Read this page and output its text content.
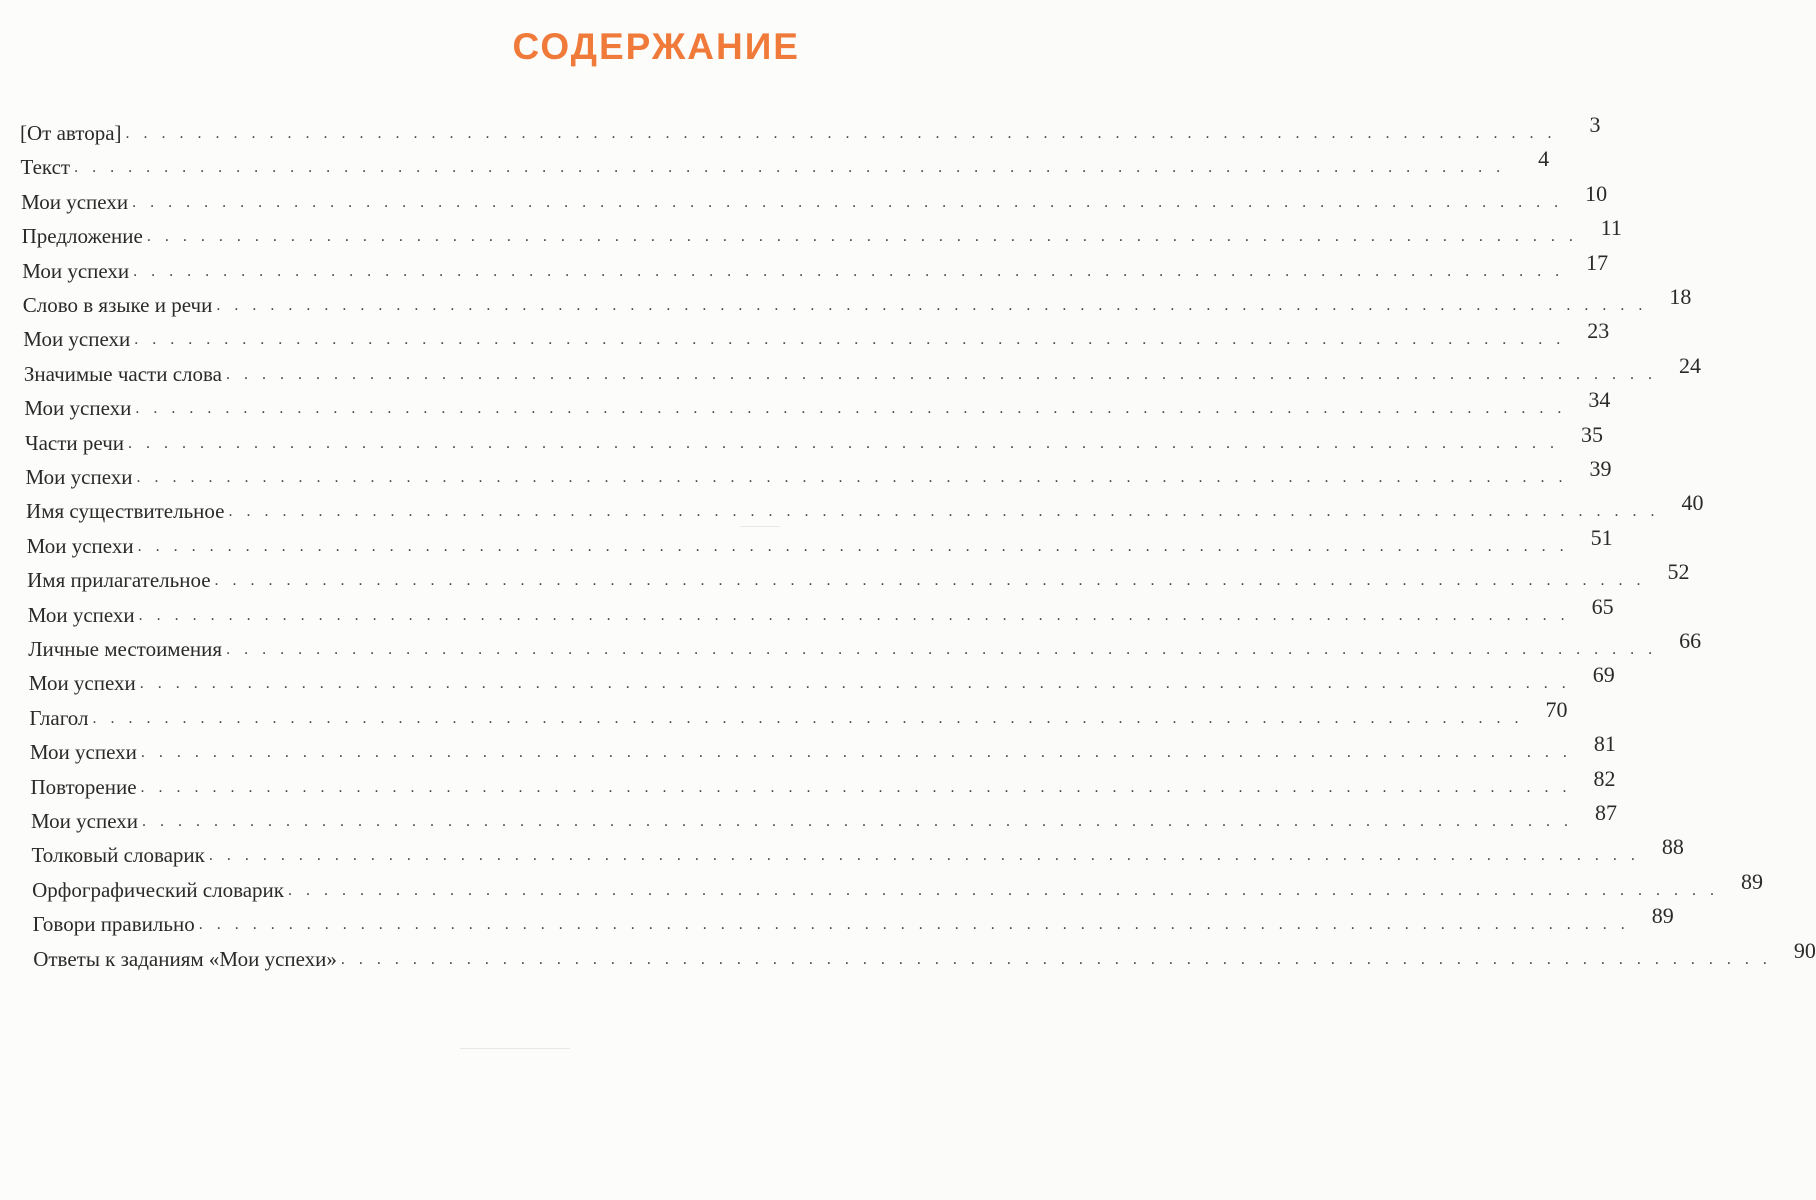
СОДЕРЖАНИЕ
[От автора] . . . . . . . . . . . . . . . . . . . . . . . . . . . . . . . . . . . . . . . . . . . . . . . . . . . . . . . . . . . . . . . . . . . . . . . . . . . . . . . .	3
Текст . . . . . . . . . . . . . . . . . . . . . . . . . . . . . . . . . . . . . . . . . . . . . . . . . . . . . . . . . . . . . . . . . . . . . . . . . . . . . . . .	4
Мои успехи . . . . . . . . . . . . . . . . . . . . . . . . . . . . . . . . . . . . . . . . . . . . . . . . . . . . . . . . . . . . . . . . . . . . . . . . . . . . . . . .	10
Предложение . . . . . . . . . . . . . . . . . . . . . . . . . . . . . . . . . . . . . . . . . . . . . . . . . . . . . . . . . . . . . . . . . . . . . . . . . . . . . . . .	11
Мои успехи . . . . . . . . . . . . . . . . . . . . . . . . . . . . . . . . . . . . . . . . . . . . . . . . . . . . . . . . . . . . . . . . . . . . . . . . . . . . . . . .	17
Слово в языке и речи . . . . . . . . . . . . . . . . . . . . . . . . . . . . . . . . . . . . . . . . . . . . . . . . . . . . . . . . . . . . . . . . . . . . . . . . . . . . . . . .	18
Мои успехи . . . . . . . . . . . . . . . . . . . . . . . . . . . . . . . . . . . . . . . . . . . . . . . . . . . . . . . . . . . . . . . . . . . . . . . . . . . . . . . .	23
Значимые части слова . . . . . . . . . . . . . . . . . . . . . . . . . . . . . . . . . . . . . . . . . . . . . . . . . . . . . . . . . . . . . . . . . . . . . . . . . . . . . . . .	24
Мои успехи . . . . . . . . . . . . . . . . . . . . . . . . . . . . . . . . . . . . . . . . . . . . . . . . . . . . . . . . . . . . . . . . . . . . . . . . . . . . . . . .	34
Части речи . . . . . . . . . . . . . . . . . . . . . . . . . . . . . . . . . . . . . . . . . . . . . . . . . . . . . . . . . . . . . . . . . . . . . . . . . . . . . . . .	35
Мои успехи . . . . . . . . . . . . . . . . . . . . . . . . . . . . . . . . . . . . . . . . . . . . . . . . . . . . . . . . . . . . . . . . . . . . . . . . . . . . . . . .	39
Имя существительное . . . . . . . . . . . . . . . . . . . . . . . . . . . . . . . . . . . . . . . . . . . . . . . . . . . . . . . . . . . . . . . . . . . . . . . . . . . . . . . .	40
Мои успехи . . . . . . . . . . . . . . . . . . . . . . . . . . . . . . . . . . . . . . . . . . . . . . . . . . . . . . . . . . . . . . . . . . . . . . . . . . . . . . . .	51
Имя прилагательное . . . . . . . . . . . . . . . . . . . . . . . . . . . . . . . . . . . . . . . . . . . . . . . . . . . . . . . . . . . . . . . . . . . . . . . . . . . . . . . .	52
Мои успехи . . . . . . . . . . . . . . . . . . . . . . . . . . . . . . . . . . . . . . . . . . . . . . . . . . . . . . . . . . . . . . . . . . . . . . . . . . . . . . . .	65
Личные местоимения . . . . . . . . . . . . . . . . . . . . . . . . . . . . . . . . . . . . . . . . . . . . . . . . . . . . . . . . . . . . . . . . . . . . . . . . . . . . . . . .	66
Мои успехи . . . . . . . . . . . . . . . . . . . . . . . . . . . . . . . . . . . . . . . . . . . . . . . . . . . . . . . . . . . . . . . . . . . . . . . . . . . . . . . .	69
Глагол . . . . . . . . . . . . . . . . . . . . . . . . . . . . . . . . . . . . . . . . . . . . . . . . . . . . . . . . . . . . . . . . . . . . . . . . . . . . . . . .	70
Мои успехи . . . . . . . . . . . . . . . . . . . . . . . . . . . . . . . . . . . . . . . . . . . . . . . . . . . . . . . . . . . . . . . . . . . . . . . . . . . . . . . .	81
Повторение . . . . . . . . . . . . . . . . . . . . . . . . . . . . . . . . . . . . . . . . . . . . . . . . . . . . . . . . . . . . . . . . . . . . . . . . . . . . . . . .	82
Мои успехи . . . . . . . . . . . . . . . . . . . . . . . . . . . . . . . . . . . . . . . . . . . . . . . . . . . . . . . . . . . . . . . . . . . . . . . . . . . . . . . .	87
Толковый словарик . . . . . . . . . . . . . . . . . . . . . . . . . . . . . . . . . . . . . . . . . . . . . . . . . . . . . . . . . . . . . . . . . . . . . . . . . . . . . . . .	88
Орфографический словарик . . . . . . . . . . . . . . . . . . . . . . . . . . . . . . . . . . . . . . . . . . . . . . . . . . . . . . . . . . . . . . . . . . . . . . . . . . . . . . . .	89
Говори правильно . . . . . . . . . . . . . . . . . . . . . . . . . . . . . . . . . . . . . . . . . . . . . . . . . . . . . . . . . . . . . . . . . . . . . . . . . . . . . . . .	89
Ответы к заданиям «Мои успехи» . . . . . . . . . . . . . . . . . . . . . . . . . . . . . . . . . . . . . . . . . . . . . . . . . . . . . . . . . . . . . . . . . . . . . . . . . . . . . . . .	90
